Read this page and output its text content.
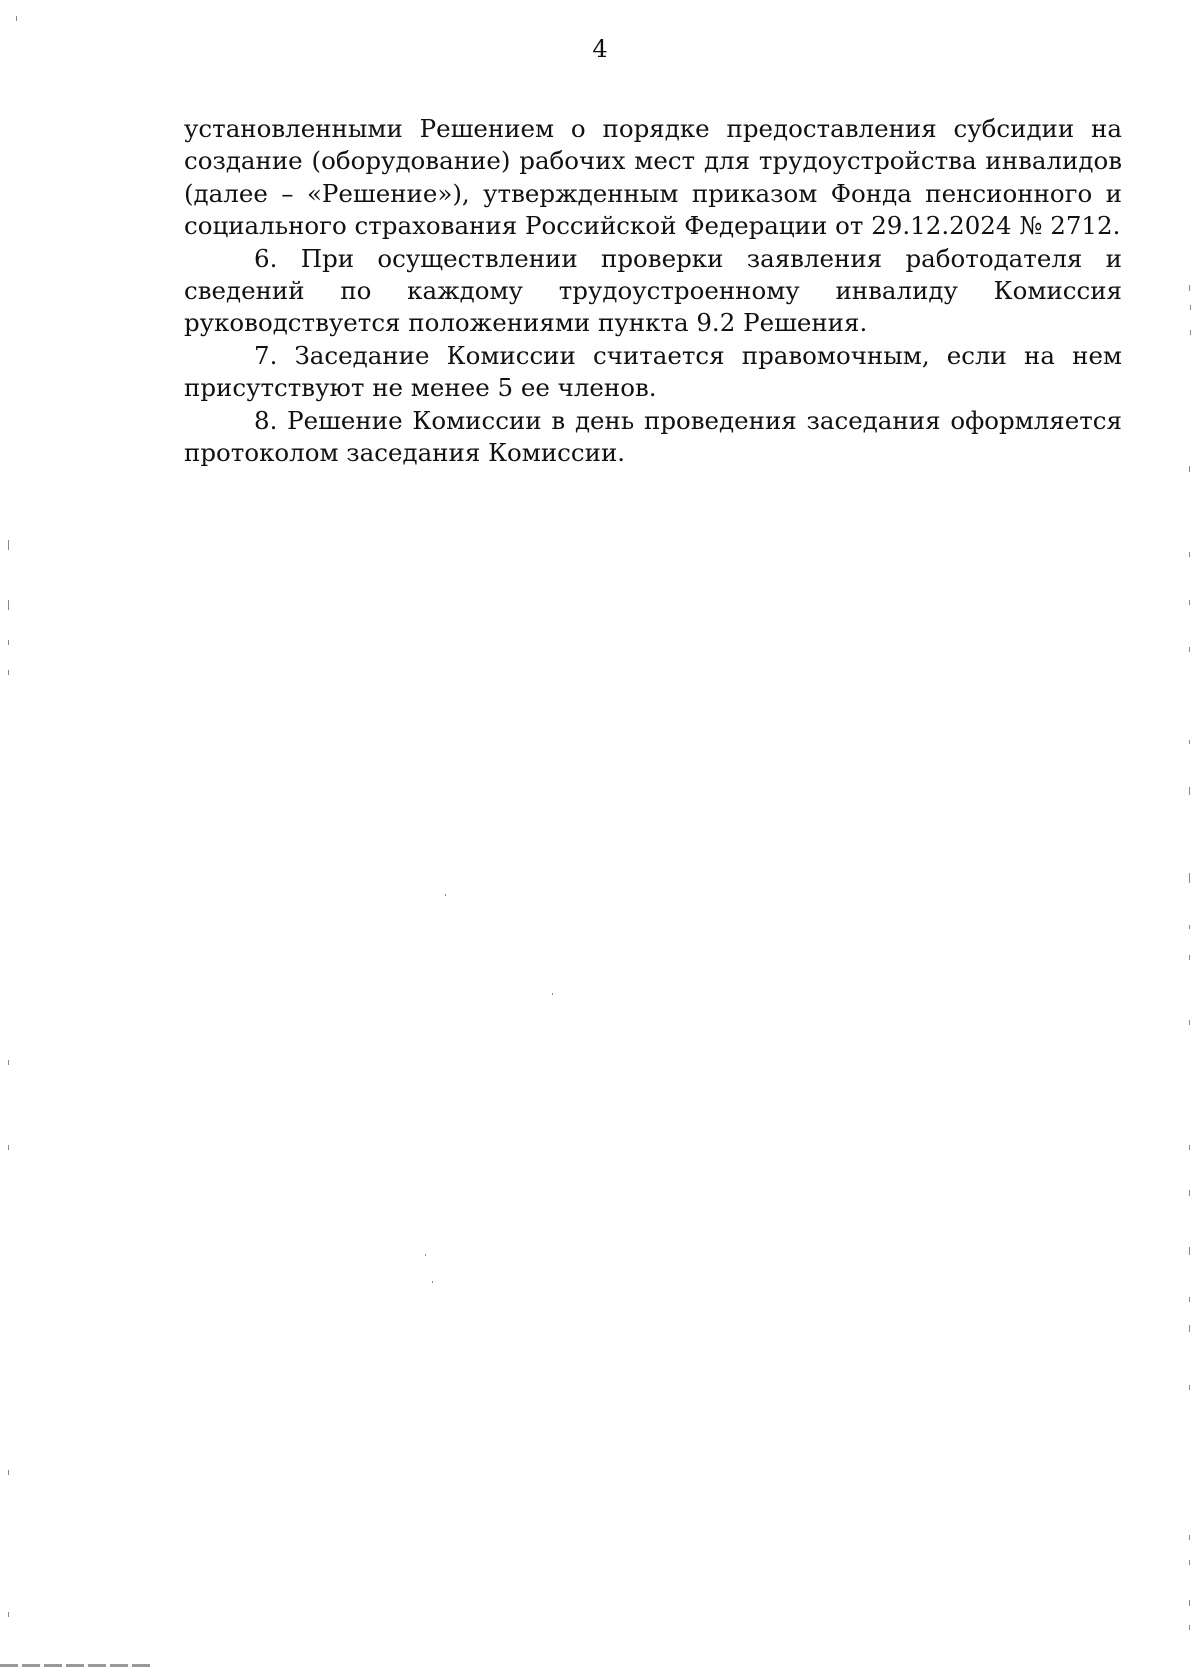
4

установленными Решением о порядке предоставления субсидии на создание (оборудование) рабочих мест для трудоустройства инвалидов (далее – «Решение»), утвержденным приказом Фонда пенсионного и социального страхования Российской Федерации от 29.12.2024 № 2712.

6. При осуществлении проверки заявления работодателя и сведений по каждому трудоустроенному инвалиду Комиссия руководствуется положениями пункта 9.2 Решения.

7. Заседание Комиссии считается правомочным, если на нем присутствуют не менее 5 ее членов.

8. Решение Комиссии в день проведения заседания оформляется протоколом заседания Комиссии.
